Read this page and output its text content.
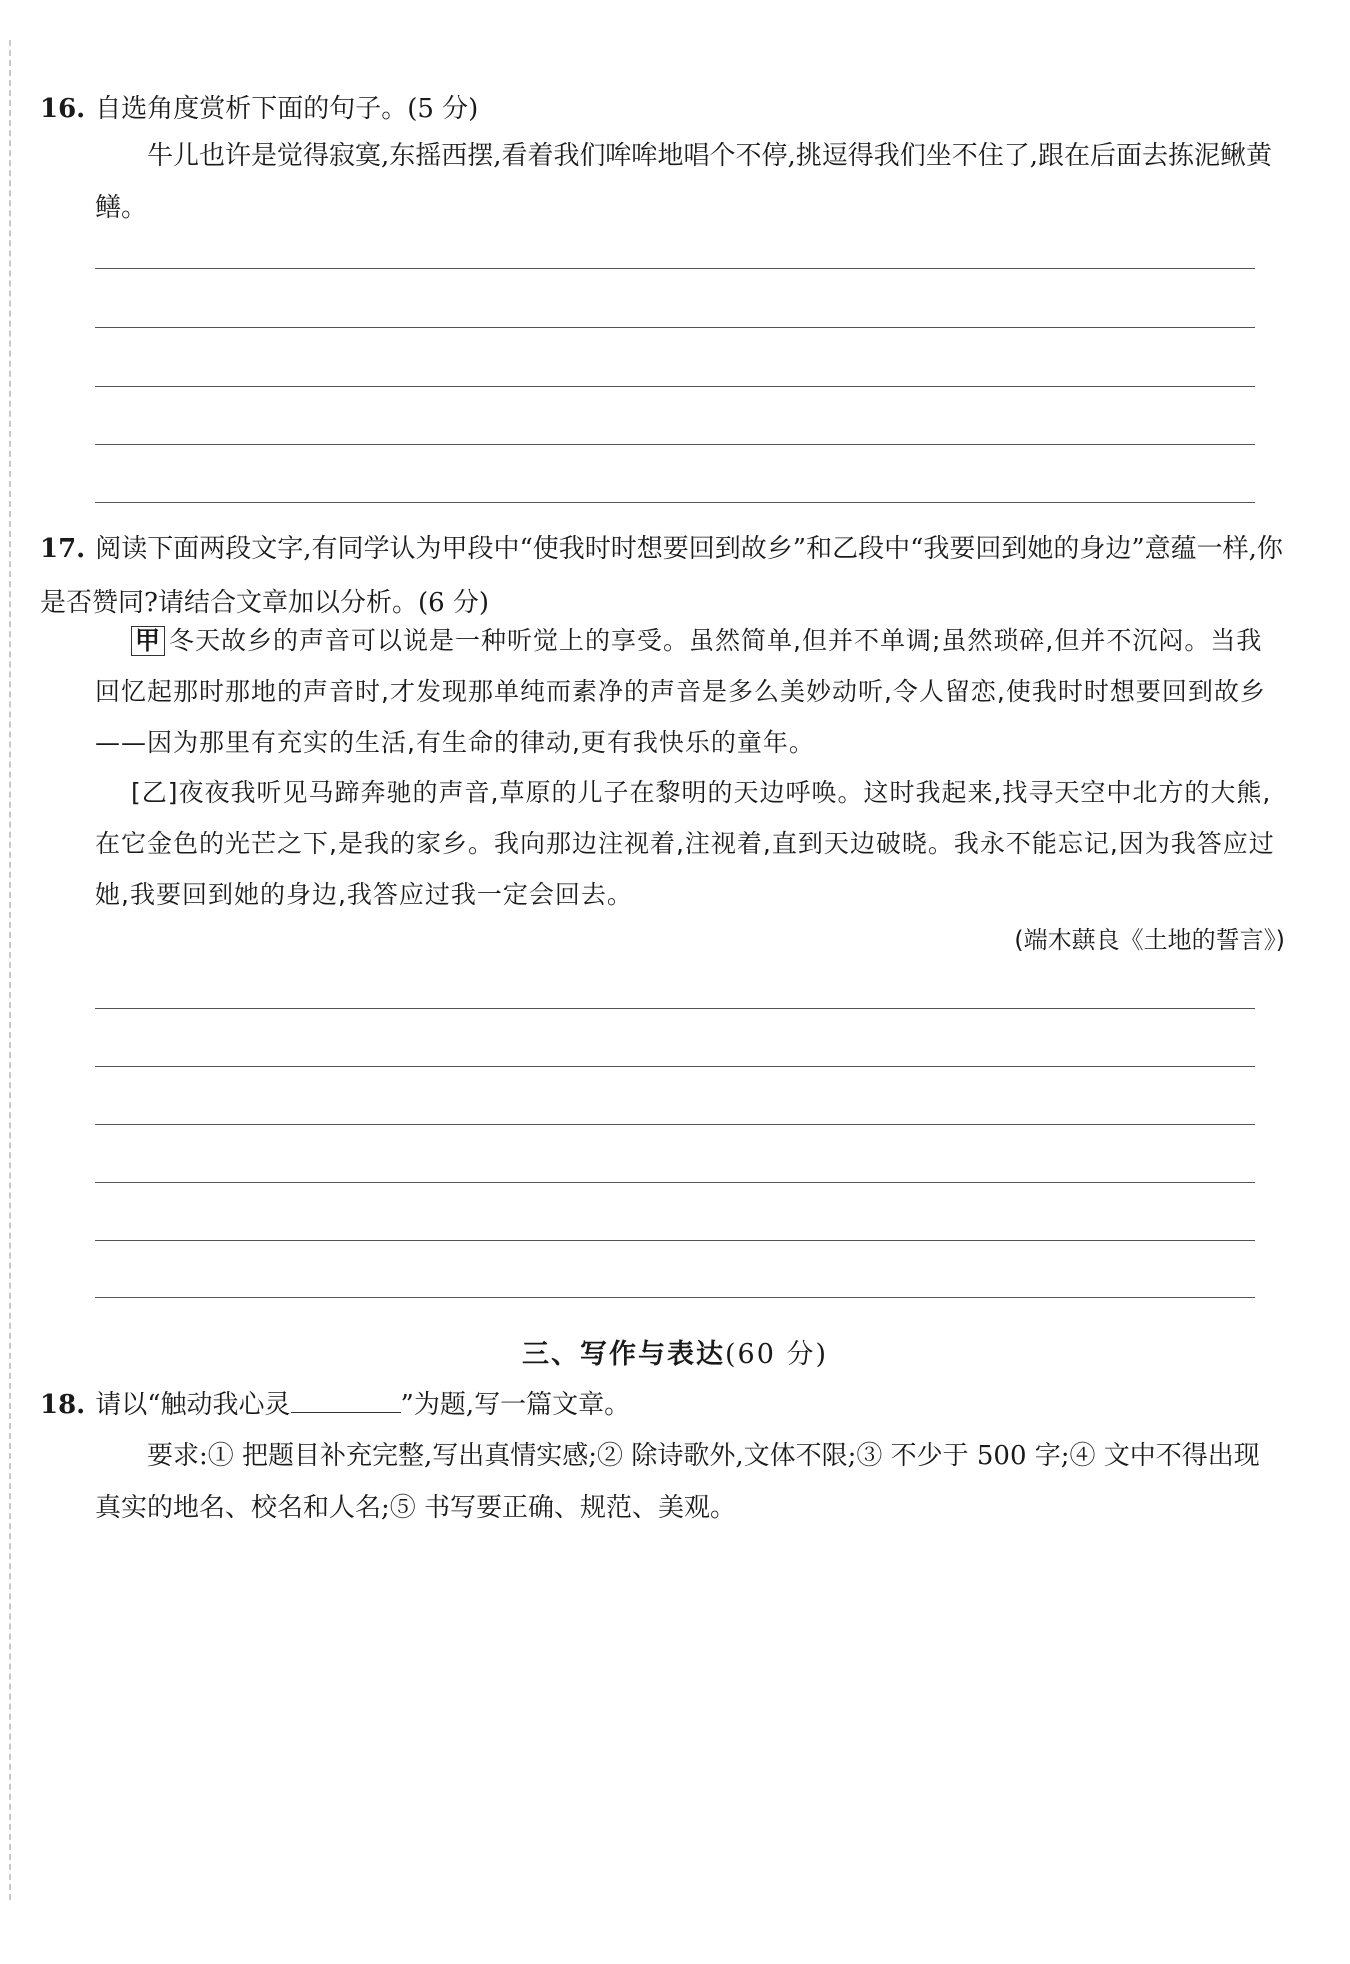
16. 自选角度赏析下面的句子。(5 分)
牛儿也许是觉得寂寞,东摇西摆,看着我们哞哞地唱个不停,挑逗得我们坐不住了,跟在后面去拣泥鳅黄鳝。
17. 阅读下面两段文字,有同学认为甲段中“使我时时想要回到故乡”和乙段中“我要回到她的身边”意蕴一样,你是否赞同?请结合文章加以分析。(6 分)
甲 冬天故乡的声音可以说是一种听觉上的享受。虽然简单,但并不单调;虽然琐碎,但并不沉闷。当我回忆起那时那地的声音时,才发现那单纯而素净的声音是多么美妙动听,令人留恋,使我时时想要回到故乡——因为那里有充实的生活,有生命的律动,更有我快乐的童年。
[乙]夜夜我听见马蹄奔驰的声音,草原的儿子在黎明的天边呼唤。这时我起来,找寻天空中北方的大熊,在它金色的光芒之下,是我的家乡。我向那边注视着,注视着,直到天边破晓。我永不能忘记,因为我答应过她,我要回到她的身边,我答应过我一定会回去。
(端木蕻良《土地的誓言》)
三、写作与表达(60 分)
18. 请以“触动我心灵	”为题,写一篇文章。
要求:① 把题目补充完整,写出真情实感;② 除诗歌外,文体不限;③ 不少于 500 字;④ 文中不得出现真实的地名、校名和人名;⑤ 书写要正确、规范、美观。
